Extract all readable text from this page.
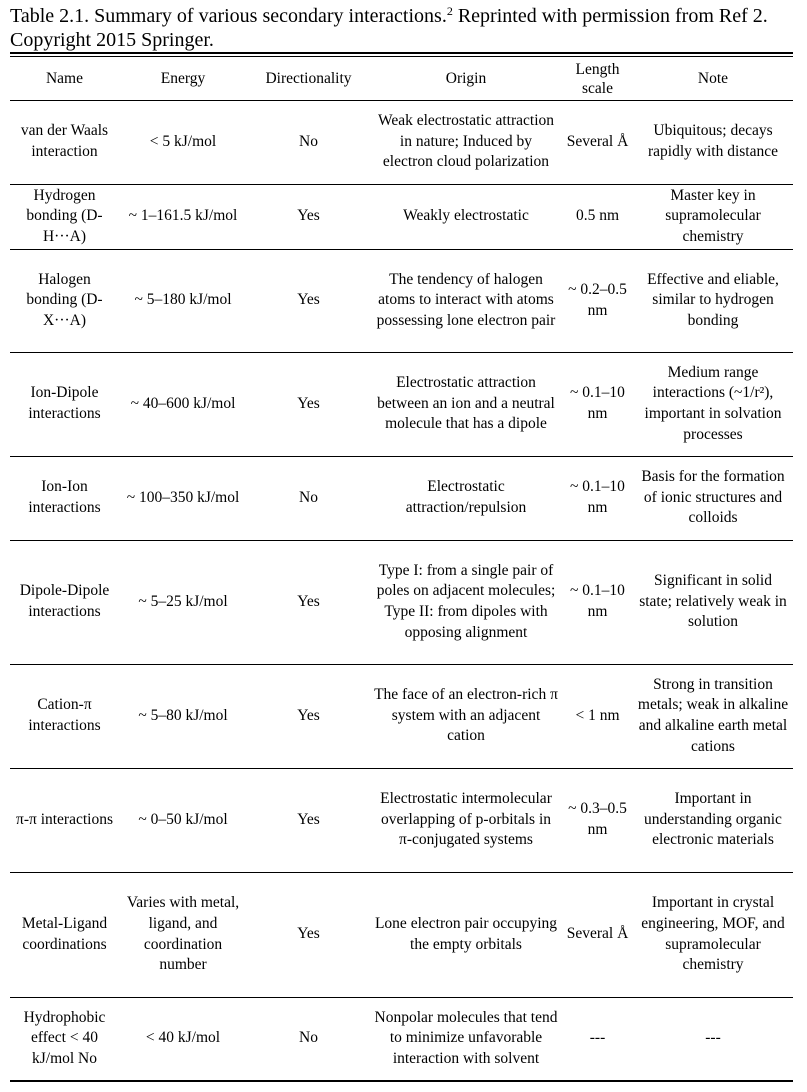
Table 2.1. Summary of various secondary interactions.$^2$ Reprinted with permission from Ref 2. Copyright 2015 Springer.
Name	Energy	Directionality	Origin	Length scale	Note
van der Waals interaction	< 5 kJ/mol	No	Weak electrostatic attraction in nature; Induced by electron cloud polarization	Several Å	Ubiquitous; decays rapidly with distance
Hydrogen bonding (D-H···A)	~ 1–161.5 kJ/mol	Yes	Weakly electrostatic	0.5 nm	Master key in supramolecular chemistry
Halogen bonding (D-X···A)	~ 5–180 kJ/mol	Yes	The tendency of halogen atoms to interact with atoms possessing lone electron pair	~ 0.2–0.5 nm	Effective and eliable, similar to hydrogen bonding
Ion-Dipole interactions	~ 40–600 kJ/mol	Yes	Electrostatic attraction between an ion and a neutral molecule that has a dipole	~ 0.1–10 nm	Medium range interactions (~1/r²), important in solvation processes
Ion-Ion interactions	~ 100–350 kJ/mol	No	Electrostatic attraction/repulsion	~ 0.1–10 nm	Basis for the formation of ionic structures and colloids
Dipole-Dipole interactions	~ 5–25 kJ/mol	Yes	Type I: from a single pair of poles on adjacent molecules; Type II: from dipoles with opposing alignment	~ 0.1–10 nm	Significant in solid state; relatively weak in solution
Cation-π interactions	~ 5–80 kJ/mol	Yes	The face of an electron-rich π system with an adjacent cation	< 1 nm	Strong in transition metals; weak in alkaline and alkaline earth metal cations
π-π interactions	~ 0–50 kJ/mol	Yes	Electrostatic intermolecular overlapping of p-orbitals in π-conjugated systems	~ 0.3–0.5 nm	Important in understanding organic electronic materials
Metal-Ligand coordinations	Varies with metal, ligand, and coordination number	Yes	Lone electron pair occupying the empty orbitals	Several Å	Important in crystal engineering, MOF, and supramolecular chemistry
Hydrophobic effect < 40 kJ/mol No	< 40 kJ/mol	No	Nonpolar molecules that tend to minimize unfavorable interaction with solvent	---	---
